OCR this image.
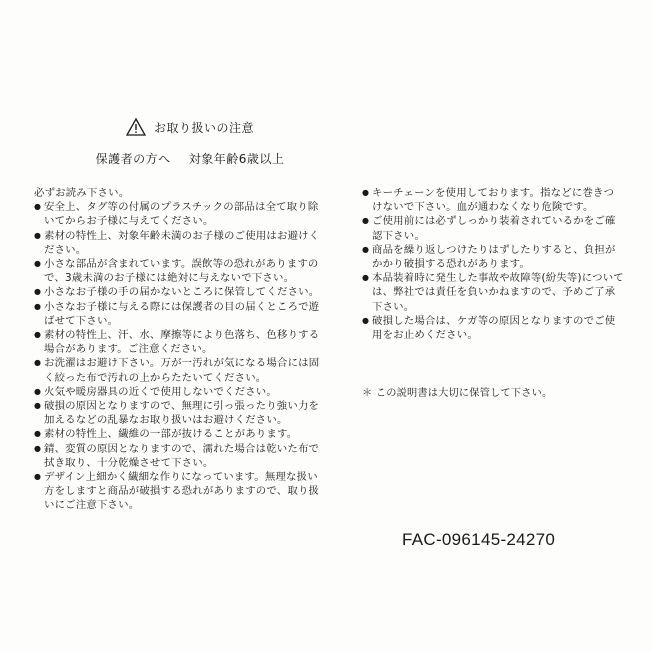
お取り扱いの注意
保護者の方へ 対象年齢6歳以上
必ずお読み下さい。
● 安全上、タグ等の付属のプラスチックの部品は全て取り除いてからお子様に与えてください。
● 素材の特性上、対象年齢未満のお子様のご使用はお避けください。
● 小さな部品が含まれています。誤飲等の恐れがありますので、3歳未満のお子様には絶対に与えないで下さい。
● 小さなお子様の手の届かないところに保管してください。
● 小さなお子様に与える際には保護者の目の届くところで遊ばせて下さい。
● 素材の特性上、汗、水、摩擦等により色落ち、色移りする場合があります。ご注意ください。
● お洗濯はお避け下さい。万が一汚れが気になる場合には固く絞った布で汚れの上からたたいてください。
● 火気や暖房器具の近くで使用しないでください。
● 破損の原因となりますので、無理に引っ張ったり強い力を加えるなどの乱暴なお取り扱いはお避けください。
● 素材の特性上、繊維の一部が抜けることがあります。
● 錆、変質の原因となりますので、濡れた場合は乾いた布で拭き取り、十分乾燥させて下さい。
● デザイン上細かく繊細な作りになっています。無理な扱い方をしますと商品が破損する恐れがありますので、取り扱いにご注意下さい。
● キーチェーンを使用しております。指などに巻きつけないで下さい。血が通わなくなり危険です。
● ご使用前には必ずしっかり装着されているかをご確認下さい。
● 商品を繰り返しつけたりはずしたりすると、負担がかかり破損する恐れがあります。
● 本品装着時に発生した事故や故障等(紛失等)については、弊社では責任を負いかねますので、予めご了承下さい。
● 破損した場合は、ケガ等の原因となりますのでご使用をお止めください。
＊ この説明書は大切に保管して下さい。
FAC-096145-24270
